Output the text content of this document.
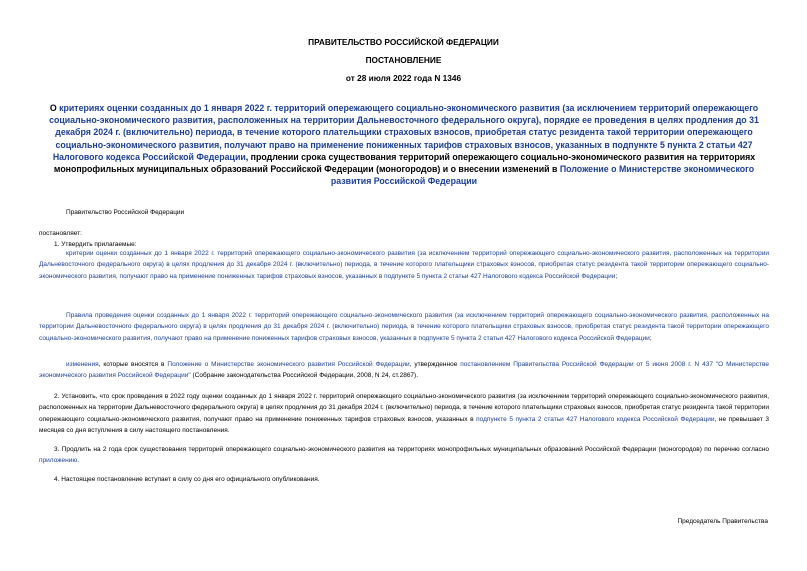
ПРАВИТЕЛЬСТВО РОССИЙСКОЙ ФЕДЕРАЦИИ
ПОСТАНОВЛЕНИЕ
от 28 июля 2022 года N 1346
О критериях оценки созданных до 1 января 2022 г. территорий опережающего социально-экономического развития (за исключением территорий опережающего социально-экономического развития, расположенных на территории Дальневосточного федерального округа), порядке ее проведения в целях продления до 31 декабря 2024 г. (включительно) периода, в течение которого плательщики страховых взносов, приобретая статус резидента такой территории опережающего социально-экономического развития, получают право на применение пониженных тарифов страховых взносов, указанных в подпункте 5 пункта 2 статьи 427 Налогового кодекса Российской Федерации, продлении срока существования территорий опережающего социально-экономического развития на территориях монопрофильных муниципальных образований Российской Федерации (моногородов) и о внесении изменений в Положение о Министерстве экономического развития Российской Федерации
Правительство Российской Федерации
постановляет:
1. Утвердить прилагаемые:
критерии оценки созданных до 1 января 2022 г. территорий опережающего социально-экономического развития (за исключением территорий опережающего социально-экономического развития, расположенных на территории Дальневосточного федерального округа) в целях продления до 31 декабря 2024 г. (включительно) периода, в течение которого плательщики страховых взносов, приобретая статус резидента такой территории опережающего социально-экономического развития, получают право на применение пониженных тарифов страховых взносов, указанных в подпункте 5 пункта 2 статьи 427 Налогового кодекса Российской Федерации;
Правила проведения оценки созданных до 1 января 2022 г. территорий опережающего социально-экономического развития (за исключением территорий опережающего социально-экономического развития, расположенных на территории Дальневосточного федерального округа) в целях продления до 31 декабря 2024 г. (включительно) периода, в течение которого плательщики страховых взносов, приобретая статус резидента такой территории опережающего социально-экономического развития, получают право на применение пониженных тарифов страховых взносов, указанных в подпункте 5 пункта 2 статьи 427 Налогового кодекса Российской Федерации;
изменения, которые вносятся в Положение о Министерстве экономического развития Российской Федерации, утвержденное постановлением Правительства Российской Федерации от 5 июня 2008 г. N 437 "О Министерстве экономического развития Российской Федерации" (Собрание законодательства Российской Федерации, 2008, N 24, ст.2867).
2. Установить, что срок проведения в 2022 году оценки созданных до 1 января 2022 г. территорий опережающего социально-экономического развития (за исключением территорий опережающего социально-экономического развития, расположенных на территории Дальневосточного федерального округа) в целях продления до 31 декабря 2024 г. (включительно) периода, в течение которого плательщики страховых взносов, приобретая статус резидента такой территории опережающего социально-экономического развития, получают право на применение пониженных тарифов страховых взносов, указанных в подпункте 5 пункта 2 статьи 427 Налогового кодекса Российской Федерации, не превышает 3 месяцев со дня вступления в силу настоящего постановления.
3. Продлить на 2 года срок существования территорий опережающего социально-экономического развития на территориях монопрофильных муниципальных образований Российской Федерации (моногородов) по перечню согласно приложению.
4. Настоящее постановление вступает в силу со дня его официального опубликования.
Председатель Правительства
